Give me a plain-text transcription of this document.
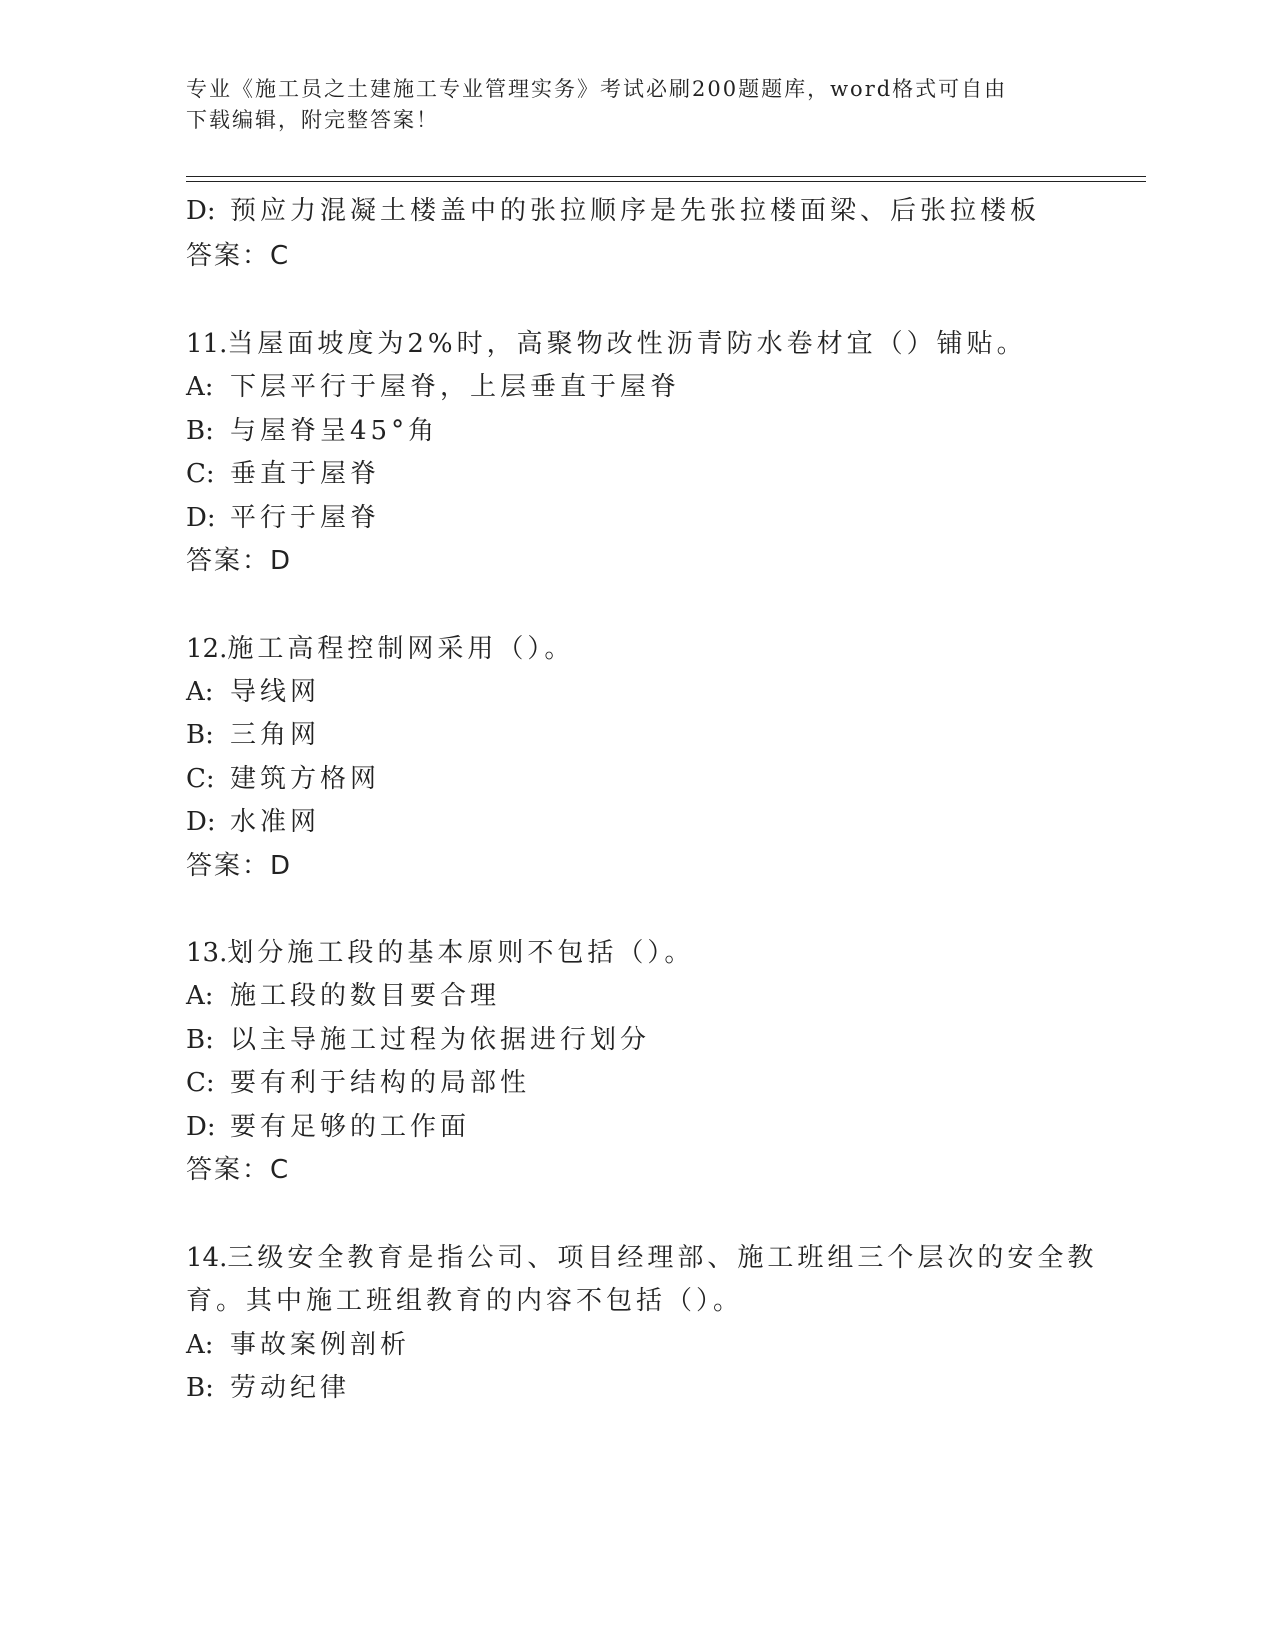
专业《施工员之土建施工专业管理实务》考试必刷200题题库，word格式可自由
下载编辑，附完整答案！
D: 预应力混凝土楼盖中的张拉顺序是先张拉楼面梁、后张拉楼板
答案：C
11.当屋面坡度为2%时，高聚物改性沥青防水卷材宜（）铺贴。
A: 下层平行于屋脊，上层垂直于屋脊
B: 与屋脊呈45°角
C: 垂直于屋脊
D: 平行于屋脊
答案：D
12.施工高程控制网采用（）。
A: 导线网
B: 三角网
C: 建筑方格网
D: 水准网
答案：D
13.划分施工段的基本原则不包括（）。
A: 施工段的数目要合理
B: 以主导施工过程为依据进行划分
C: 要有利于结构的局部性
D: 要有足够的工作面
答案：C
14.三级安全教育是指公司、项目经理部、施工班组三个层次的安全教
育。其中施工班组教育的内容不包括（）。
A: 事故案例剖析
B: 劳动纪律
